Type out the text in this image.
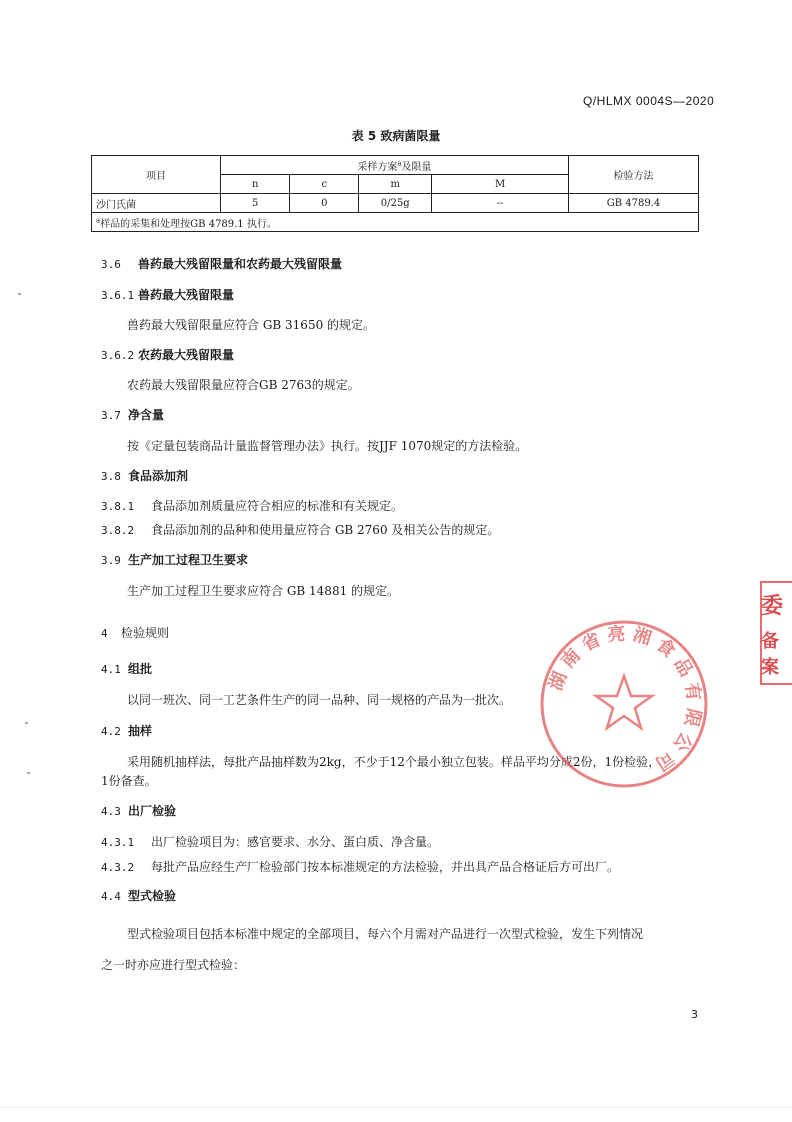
Q/HLMX 0004S—2020
表 5 致病菌限量
项目	采样方案$^a$及限量				检验方法
	n	c	m	M	
沙门氏菌	5	0	0/25g	--	GB 4789.4
$^a$样品的采集和处理按GB 4789.1 执行。					
3.6 兽药最大残留限量和农药最大残留限量
3.6.1 兽药最大残留限量
兽药最大残留限量应符合 GB 31650 的规定。
3.6.2 农药最大残留限量
农药最大残留限量应符合GB 2763的规定。
3.7 净含量
按《定量包装商品计量监督管理办法》执行。按JJF 1070规定的方法检验。
3.8 食品添加剂
3.8.1 食品添加剂质量应符合相应的标准和有关规定。
3.8.2 食品添加剂的品种和使用量应符合 GB 2760 及相关公告的规定。
3.9 生产加工过程卫生要求
生产加工过程卫生要求应符合 GB 14881 的规定。
4 检验规则
4.1 组批
以同一班次、同一工艺条件生产的同一品种、同一规格的产品为一批次。
4.2 抽样
采用随机抽样法，每批产品抽样数为2kg，不少于12个最小独立包装。样品平均分成2份，1份检验，
1份备查。
4.3 出厂检验
4.3.1 出厂检验项目为：感官要求、水分、蛋白质、净含量。
4.3.2 每批产品应经生产厂检验部门按本标准规定的方法检验，并出具产品合格证后方可出厂。
4.4 型式检验
型式检验项目包括本标准中规定的全部项目，每六个月需对产品进行一次型式检验，发生下列情况
之一时亦应进行型式检验：
3
湖南省亮湘食品有限公司
委
备案
